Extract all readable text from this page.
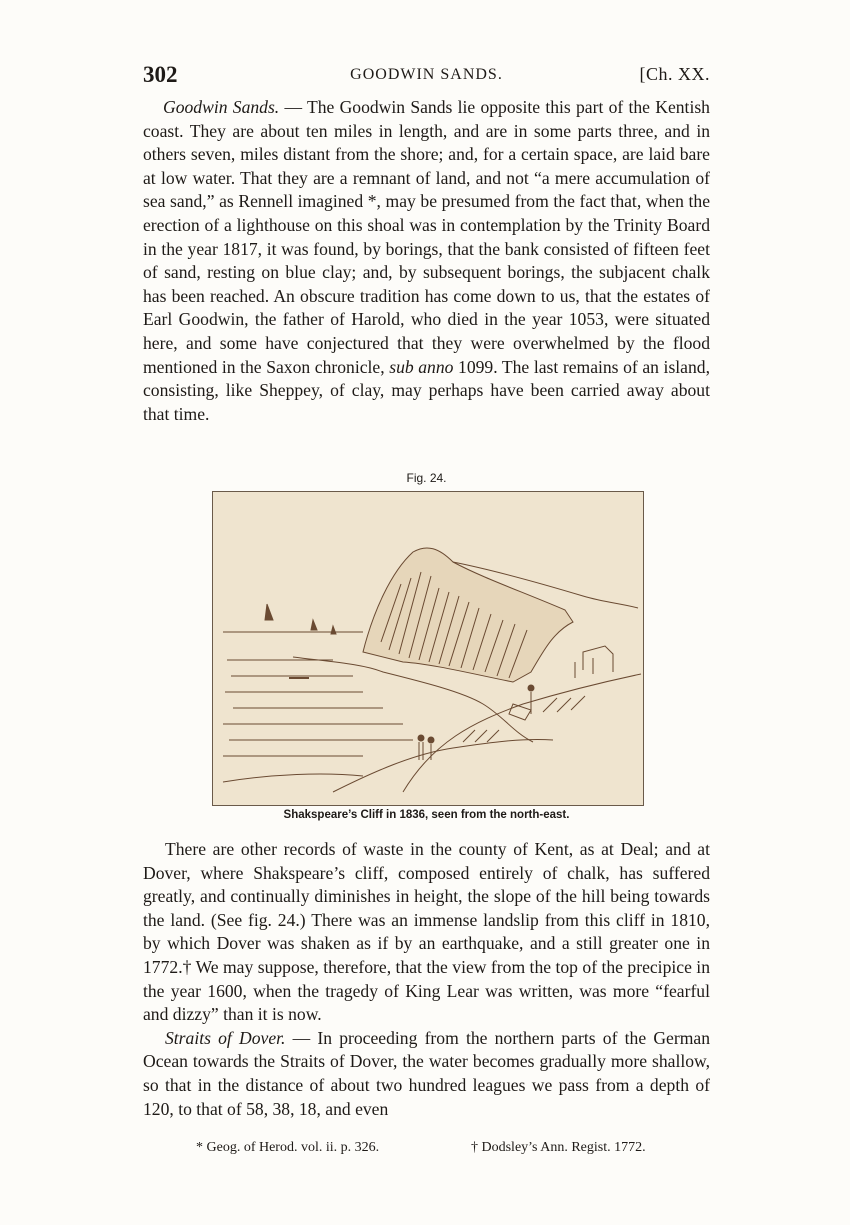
302	GOODWIN SANDS.	[Ch. XX.

Goodwin Sands. — The Goodwin Sands lie opposite this part of the Kentish coast. They are about ten miles in length, and are in some parts three, and in others seven, miles distant from the shore; and, for a certain space, are laid bare at low water. That they are a remnant of land, and not “a mere accumulation of sea sand,” as Rennell imagined *, may be presumed from the fact that, when the erection of a lighthouse on this shoal was in contemplation by the Trinity Board in the year 1817, it was found, by borings, that the bank consisted of fifteen feet of sand, resting on blue clay; and, by subsequent borings, the subjacent chalk has been reached. An obscure tradition has come down to us, that the estates of Earl Goodwin, the father of Harold, who died in the year 1053, were situated here, and some have conjectured that they were overwhelmed by the flood mentioned in the Saxon chronicle, sub anno 1099. The last remains of an island, consisting, like Sheppey, of clay, may perhaps have been carried away about that time.

Fig. 24.
Shakspeare’s Cliff in 1836, seen from the north-east.

There are other records of waste in the county of Kent, as at Deal; and at Dover, where Shakspeare’s cliff, composed entirely of chalk, has suffered greatly, and continually diminishes in height, the slope of the hill being towards the land. (See fig. 24.) There was an immense landslip from this cliff in 1810, by which Dover was shaken as if by an earthquake, and a still greater one in 1772.† We may suppose, therefore, that the view from the top of the precipice in the year 1600, when the tragedy of King Lear was written, was more “fearful and dizzy” than it is now.

Straits of Dover. — In proceeding from the northern parts of the German Ocean towards the Straits of Dover, the water becomes gradually more shallow, so that in the distance of about two hundred leagues we pass from a depth of 120, to that of 58, 38, 18, and even

* Geog. of Herod. vol. ii. p. 326.	† Dodsley’s Ann. Regist. 1772.
